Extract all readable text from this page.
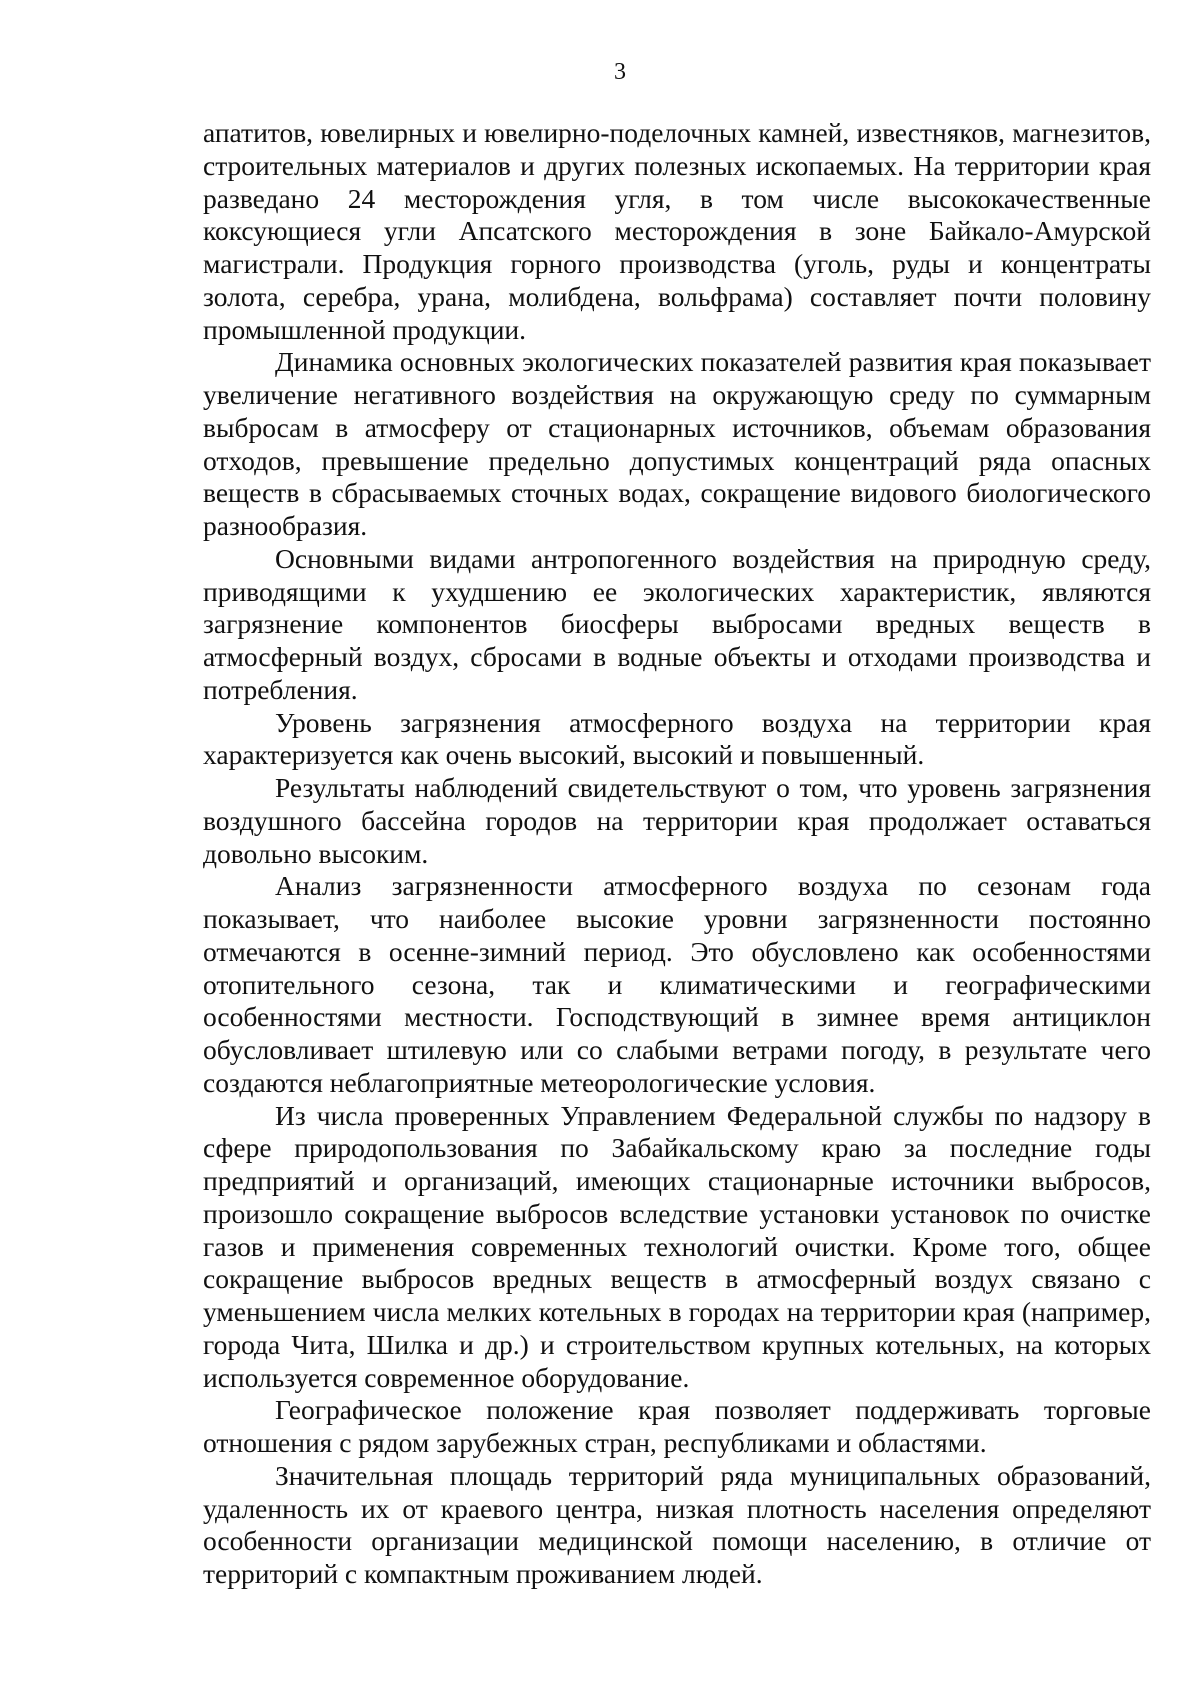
3

апатитов, ювелирных и ювелирно-поделочных камней, известняков, магнезитов, строительных материалов и других полезных ископаемых. На территории края разведано 24 месторождения угля, в том числе высококачественные коксующиеся угли Апсатского месторождения в зоне Байкало-Амурской магистрали. Продукция горного производства (уголь, руды и концентраты золота, серебра, урана, молибдена, вольфрама) составляет почти половину промышленной продукции.

Динамика основных экологических показателей развития края показывает увеличение негативного воздействия на окружающую среду по суммарным выбросам в атмосферу от стационарных источников, объемам образования отходов, превышение предельно допустимых концентраций ряда опасных веществ в сбрасываемых сточных водах, сокращение видового биологического разнообразия.

Основными видами антропогенного воздействия на природную среду, приводящими к ухудшению ее экологических характеристик, являются загрязнение компонентов биосферы выбросами вредных веществ в атмосферный воздух, сбросами в водные объекты и отходами производства и потребления.

Уровень загрязнения атмосферного воздуха на территории края характеризуется как очень высокий, высокий и повышенный.

Результаты наблюдений свидетельствуют о том, что уровень загрязнения воздушного бассейна городов на территории края продолжает оставаться довольно высоким.

Анализ загрязненности атмосферного воздуха по сезонам года показывает, что наиболее высокие уровни загрязненности постоянно отмечаются в осенне-зимний период. Это обусловлено как особенностями отопительного сезона, так и климатическими и географическими особенностями местности. Господствующий в зимнее время антициклон обусловливает штилевую или со слабыми ветрами погоду, в результате чего создаются неблагоприятные метеорологические условия.

Из числа проверенных Управлением Федеральной службы по надзору в сфере природопользования по Забайкальскому краю за последние годы предприятий и организаций, имеющих стационарные источники выбросов, произошло сокращение выбросов вследствие установки установок по очистке газов и применения современных технологий очистки. Кроме того, общее сокращение выбросов вредных веществ в атмосферный воздух связано с уменьшением числа мелких котельных в городах на территории края (например, города Чита, Шилка и др.) и строительством крупных котельных, на которых используется современное оборудование.

Географическое положение края позволяет поддерживать торговые отношения с рядом зарубежных стран, республиками и областями.

Значительная площадь территорий ряда муниципальных образований, удаленность их от краевого центра, низкая плотность населения определяют особенности организации медицинской помощи населению, в отличие от территорий с компактным проживанием людей.
